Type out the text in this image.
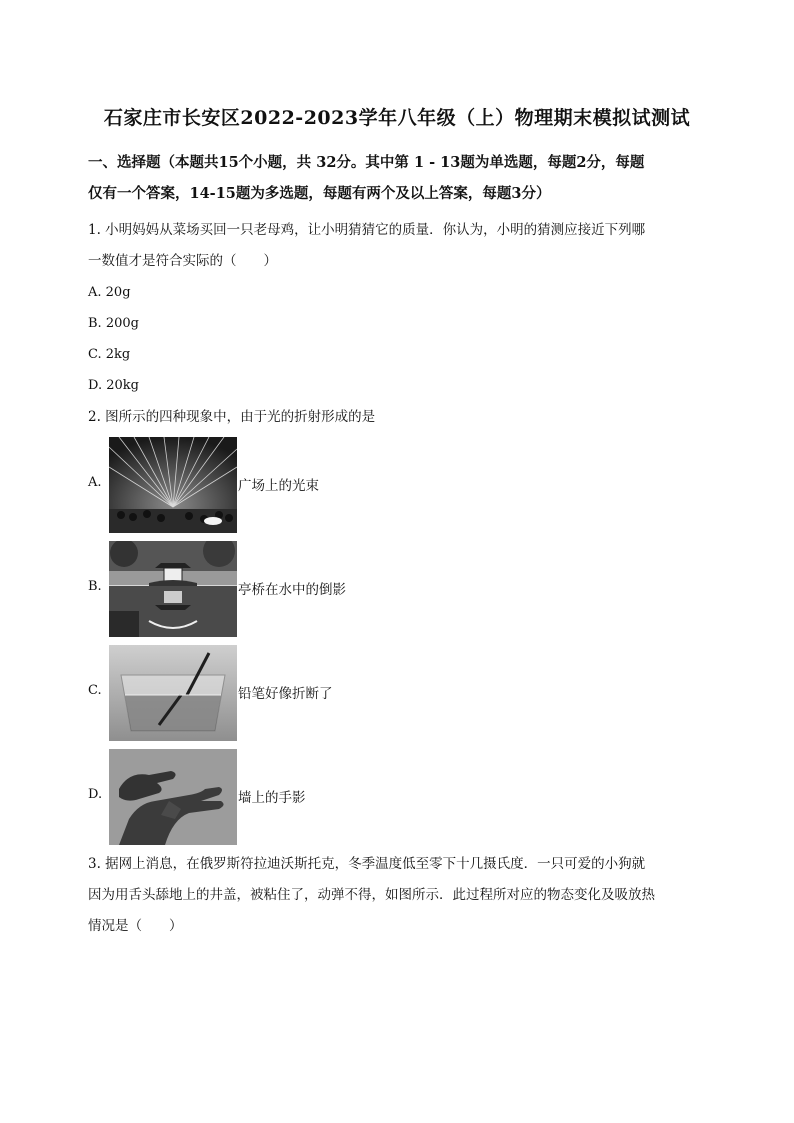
石家庄市长安区2022-2023学年八年级（上）物理期末模拟试测试
一、选择题（本题共15个小题，共 32分。其中第 1 - 13题为单选题，每题2分，每题
仅有一个答案，14-15题为多选题，每题有两个及以上答案，每题3分）
1. 小明妈妈从菜场买回一只老母鸡，让小明猜猜它的质量．你认为，小明的猜测应接近下列哪
一数值才是符合实际的（　　）
A. 20g
B. 200g
C. 2kg
D. 20kg
2. 图所示的四种现象中，由于光的折射形成的是
A.	广场上的光束
B.	亭桥在水中的倒影
C.	铅笔好像折断了
D.	墙上的手影
3. 据网上消息，在俄罗斯符拉迪沃斯托克，冬季温度低至零下十几摄氏度．一只可爱的小狗就
因为用舌头舔地上的井盖，被粘住了，动弹不得，如图所示．此过程所对应的物态变化及吸放热
情况是（　　）
